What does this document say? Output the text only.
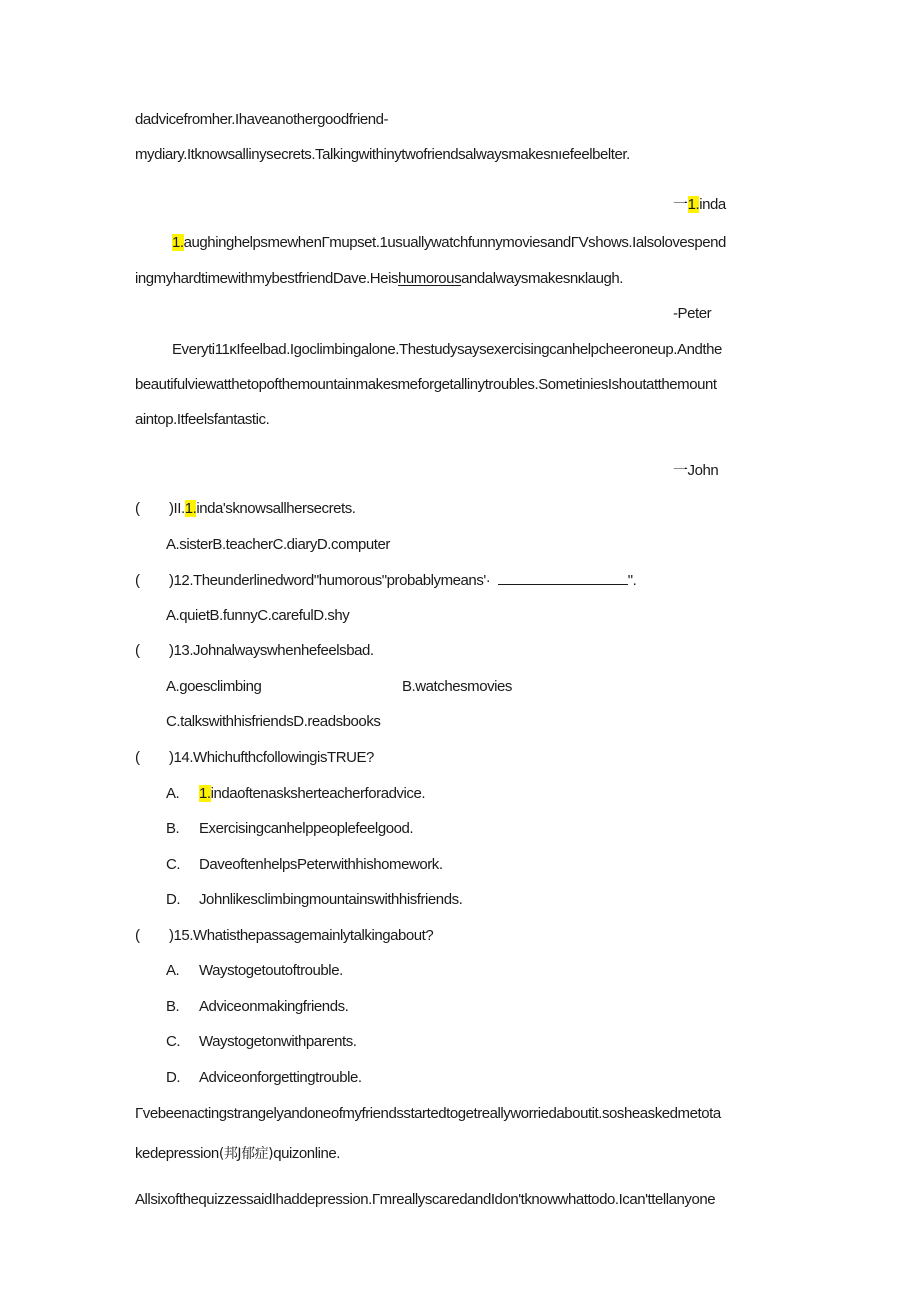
dadvicefromher.Ihaveanothergoodfriend-
mydiary.Itknowsallinysecrets.Talkingwithinytwofriendsalwaysmakesnıefeelbelter.
一1.inda
1.aughinghelpsmewhenΓmupset.1usuallywatchfunnymoviesandΓVshows.Ialsolovespend
ingmyhardtimewithmybestfriendDave.Heishumorousandalwaysmakesnκlaugh.
-Peter
Everyti11κIfeelbad.Igoclimbingalone.Thestudysaysexercisingcanhelpcheeroneup.Andthe
beautifulviewatthetopofthemountainmakesmeforgetallinytroubles.SometiniesIshoutatthemount
aintop.Itfeelsfantastic.
一John
( )II.1.inda'sknowsallhersecrets.
A.sisterB.teacherC.diaryD.computer
( )12.Theunderlinedword"humorous"probablymeans'·	".
A.quietB.funnyC.carefulD.shy
( )13.Johnalwayswhenhefeelsbad.
A.goesclimbing	B.watchesmovies
C.talkswithhisfriendsD.readsbooks
( )14.WhichufthcfollowingisTRUE?
A. 1.indaoftenasksherteacherforadvice.
B. Exercisingcanhelppeoplefeelgood.
C. DaveoftenhelpsPeterwithhishomework.
D. Johnlikesclimbingmountainswithhisfriends.
( )15.Whatisthepassagemainlytalkingabout?
A. Waystogetoutoftrouble.
B. Adviceonmakingfriends.
C. Waystogetonwithparents.
D. Adviceonforgettingtrouble.
Γvebeenactingstrangelyandoneofmyfriendsstartedtogetreallyworriedaboutit.sosheaskedmetota
kedepression(邦J郁症)quizonline.
AllsixofthequizzessaidIhaddepression.ΓmreallyscaredandIdon'tknowwhattodo.Ican'ttellanyone
